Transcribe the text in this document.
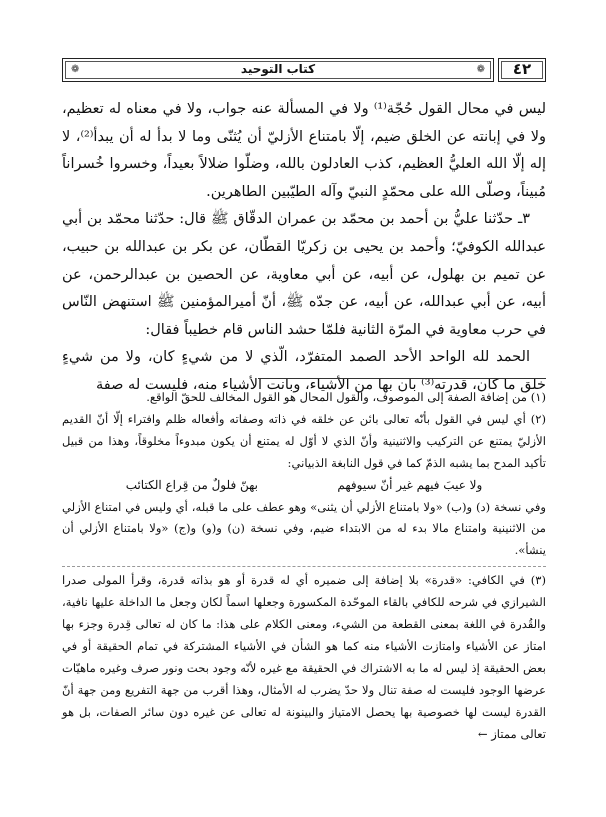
❁	كتاب التوحيد	❁	٤٢

ليس في محال القول حُجّة⁽¹⁾ ولا في المسألة عنه جواب، ولا في معناه له تعظيم، ولا في إبانته عن الخلق ضيم، إلّا بامتناع الأزليّ أن يُثنّى وما لا بدأ له أن يبدأ⁽²⁾، لا إله إلّا الله العليُّ العظيم، كذب العادلون بالله، وضلّوا ضلالاً بعيداً، وخسروا خُسراناً مُبيناً، وصلّى الله على محمّدٍ النبيّ وآله الطيّبين الطاهرين.

٣ـ حدّثنا عليُّ بن أحمد بن محمّد بن عمران الدقّاق ﷺ قال: حدّثنا محمّد بن أبي عبدالله الكوفيّ؛ وأحمد بن يحيى بن زكريّا القطّان، عن بكر بن عبدالله بن حبيب، عن تميم بن بهلول، عن أبيه، عن أبي معاوية، عن الحصين بن عبدالرحمن، عن أبيه، عن أبي عبدالله، عن أبيه، عن جدّه ﷺ، أنّ أميرالمؤمنين ﷺ استنهض النّاس في حرب معاوية في المرّة الثانية فلمّا حشد الناس قام خطيباً فقال:

الحمد لله الواحد الأحد الصمد المتفرّد، الّذي لا من شيءٍ كان، ولا من شيءٍ خلق ما كان، قدرته⁽³⁾ بان بها من الأشياء، وبانت الأشياء منه، فليست له صفة

(١) من إضافة الصفة إلى الموصوف، والقول المحال هو القول المخالف للحقّ الواقع.

(٢) أي ليس في القول بأنّه تعالى بائن عن خلقه في ذاته وصفاته وأفعاله ظلم وافتراء إلّا أنّ القديم الأزليّ يمتنع عن التركيب والاثنينية وأنّ الذي لا أوّل له يمتنع أن يكون مبدوءاً مخلوقاً، وهذا من قبيل تأكيد المدح بما يشبه الذمّ كما في قول النابغة الذبياني:

ولا عيبَ فيهم غير أنّ سيوفهم
بهنّ فلولٌ من قِراع الكتائب

وفي نسخة (د) و(ب) «ولا بامتناع الأزلي أن يثنى» وهو عطف على ما قبله، أي وليس في امتناع الأزلي من الاثنينية وامتناع مالا بدء له من الابتداء ضيم، وفي نسخة (ن) و(و) و(ج) «ولا بامتناع الأزلي أن ينشأ».

(٣) في الكافي: «قدرة» بلا إضافة إلى ضميره أي له قدرة أو هو بذاته قدرة، وقرأ المولى صدرا الشيرازي في شرحه للكافي بالقاء الموحّدة المكسورة وجعلها اسماً لكان وجعل ما الداخلة عليها نافية، والقُدرة في اللغة بمعنى القطعة من الشيء، ومعنى الكلام على هذا: ما كان له تعالى قِدرة وجزء بها امتاز عن الأشياء وامتازت الأشياء منه كما هو الشأن في الأشياء المشتركة في تمام الحقيقة أو في بعض الحقيقة إذ ليس له ما به الاشتراك في الحقيقة مع غيره لأنّه وجود بحت ونور صرف وغيره ماهيّات عرضها الوجود فليست له صفة تنال ولا حدّ يضرب له الأمثال، وهذا أقرب من جهة التفريع ومن جهة أنّ القدرة ليست لها خصوصية بها يحصل الامتياز والبينونة له تعالى عن غيره دون سائر الصفات، بل هو تعالى ممتاز ←
